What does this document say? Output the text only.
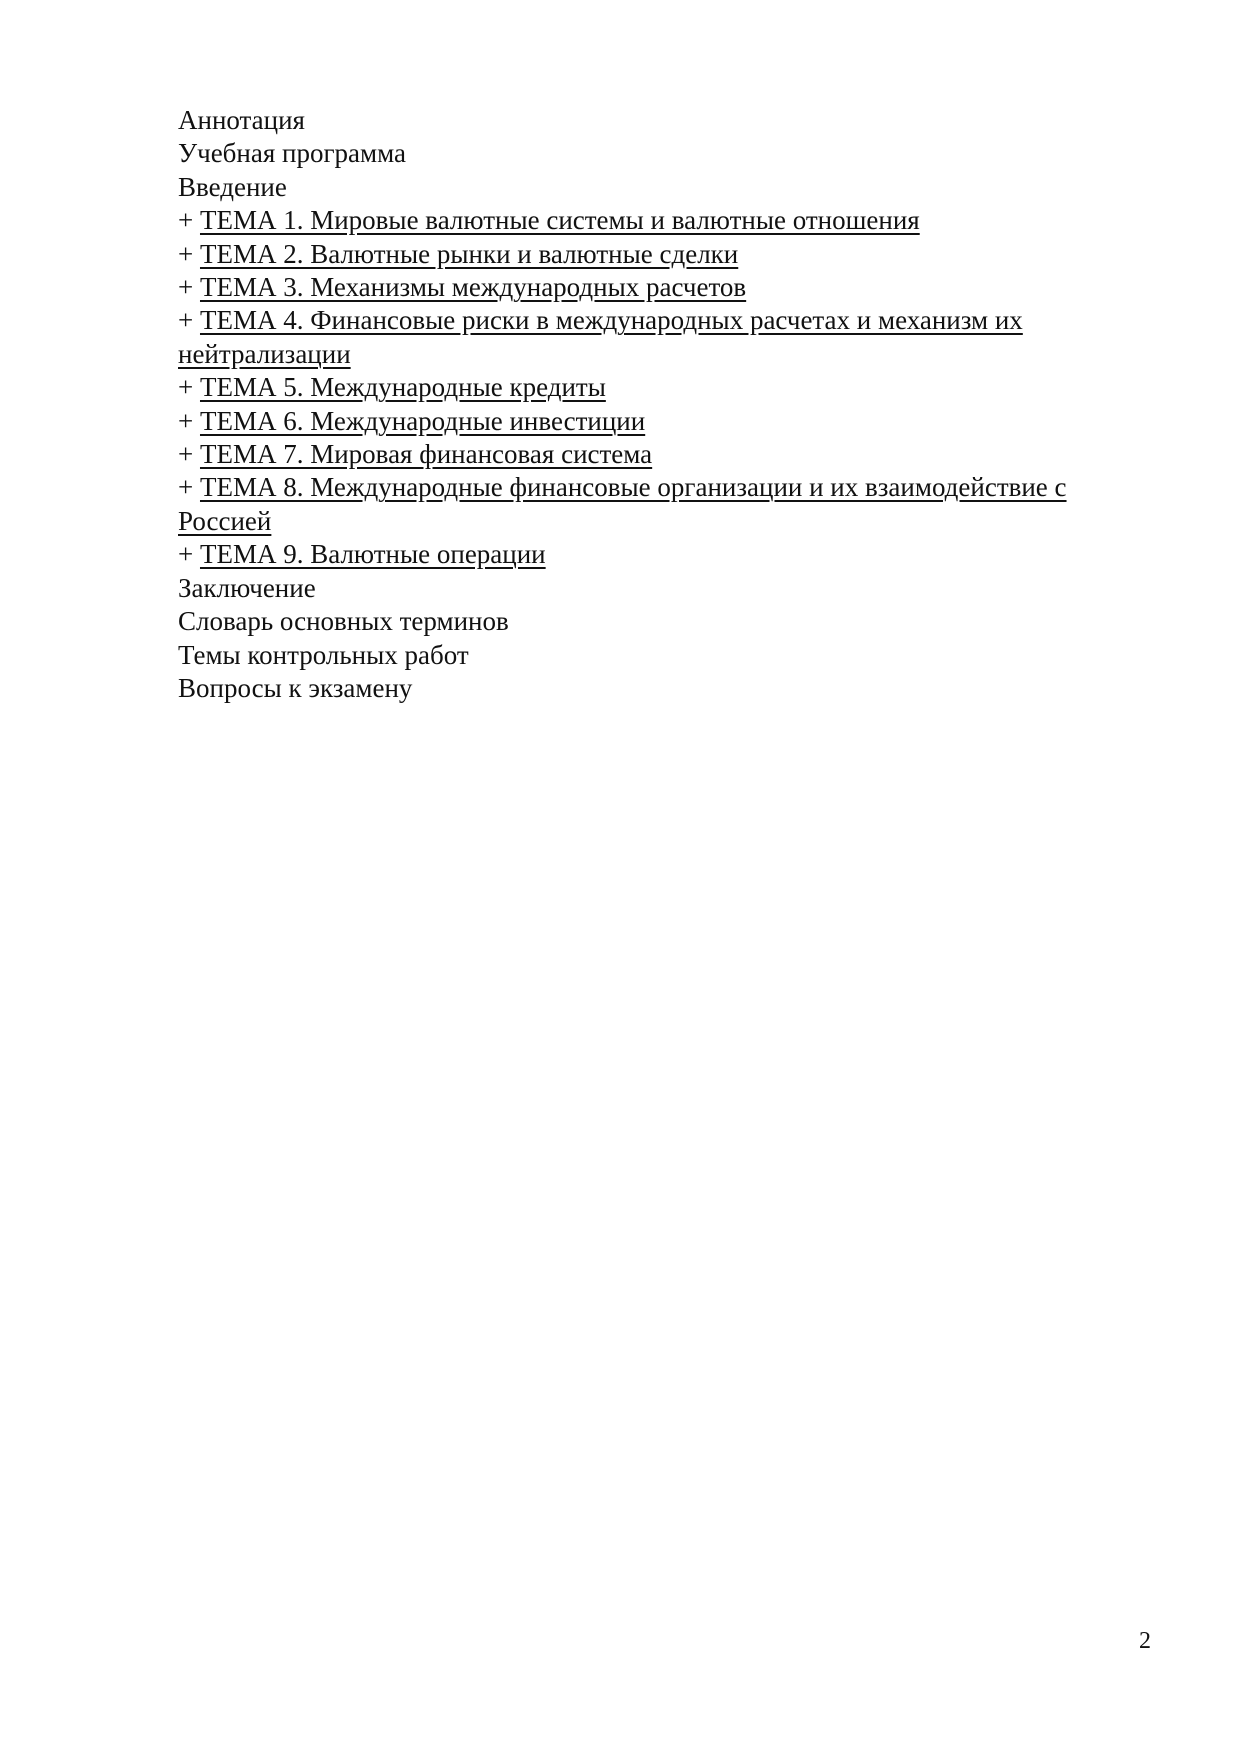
Аннотация

Учебная программа

Введение

+ ТЕМА 1. Мировые валютные системы и валютные отношения

+ ТЕМА 2. Валютные рынки и валютные сделки

+ ТЕМА 3. Механизмы международных расчетов

+ ТЕМА 4. Финансовые риски в международных расчетах и механизм их нейтрализации

+ ТЕМА 5. Международные кредиты

+ ТЕМА 6. Международные инвестиции

+ ТЕМА 7. Мировая финансовая система

+ ТЕМА 8. Международные финансовые организации и их взаимодействие с Россией

+ ТЕМА 9. Валютные операции

Заключение

Словарь основных терминов

Темы контрольных работ

Вопросы к экзамену

2
